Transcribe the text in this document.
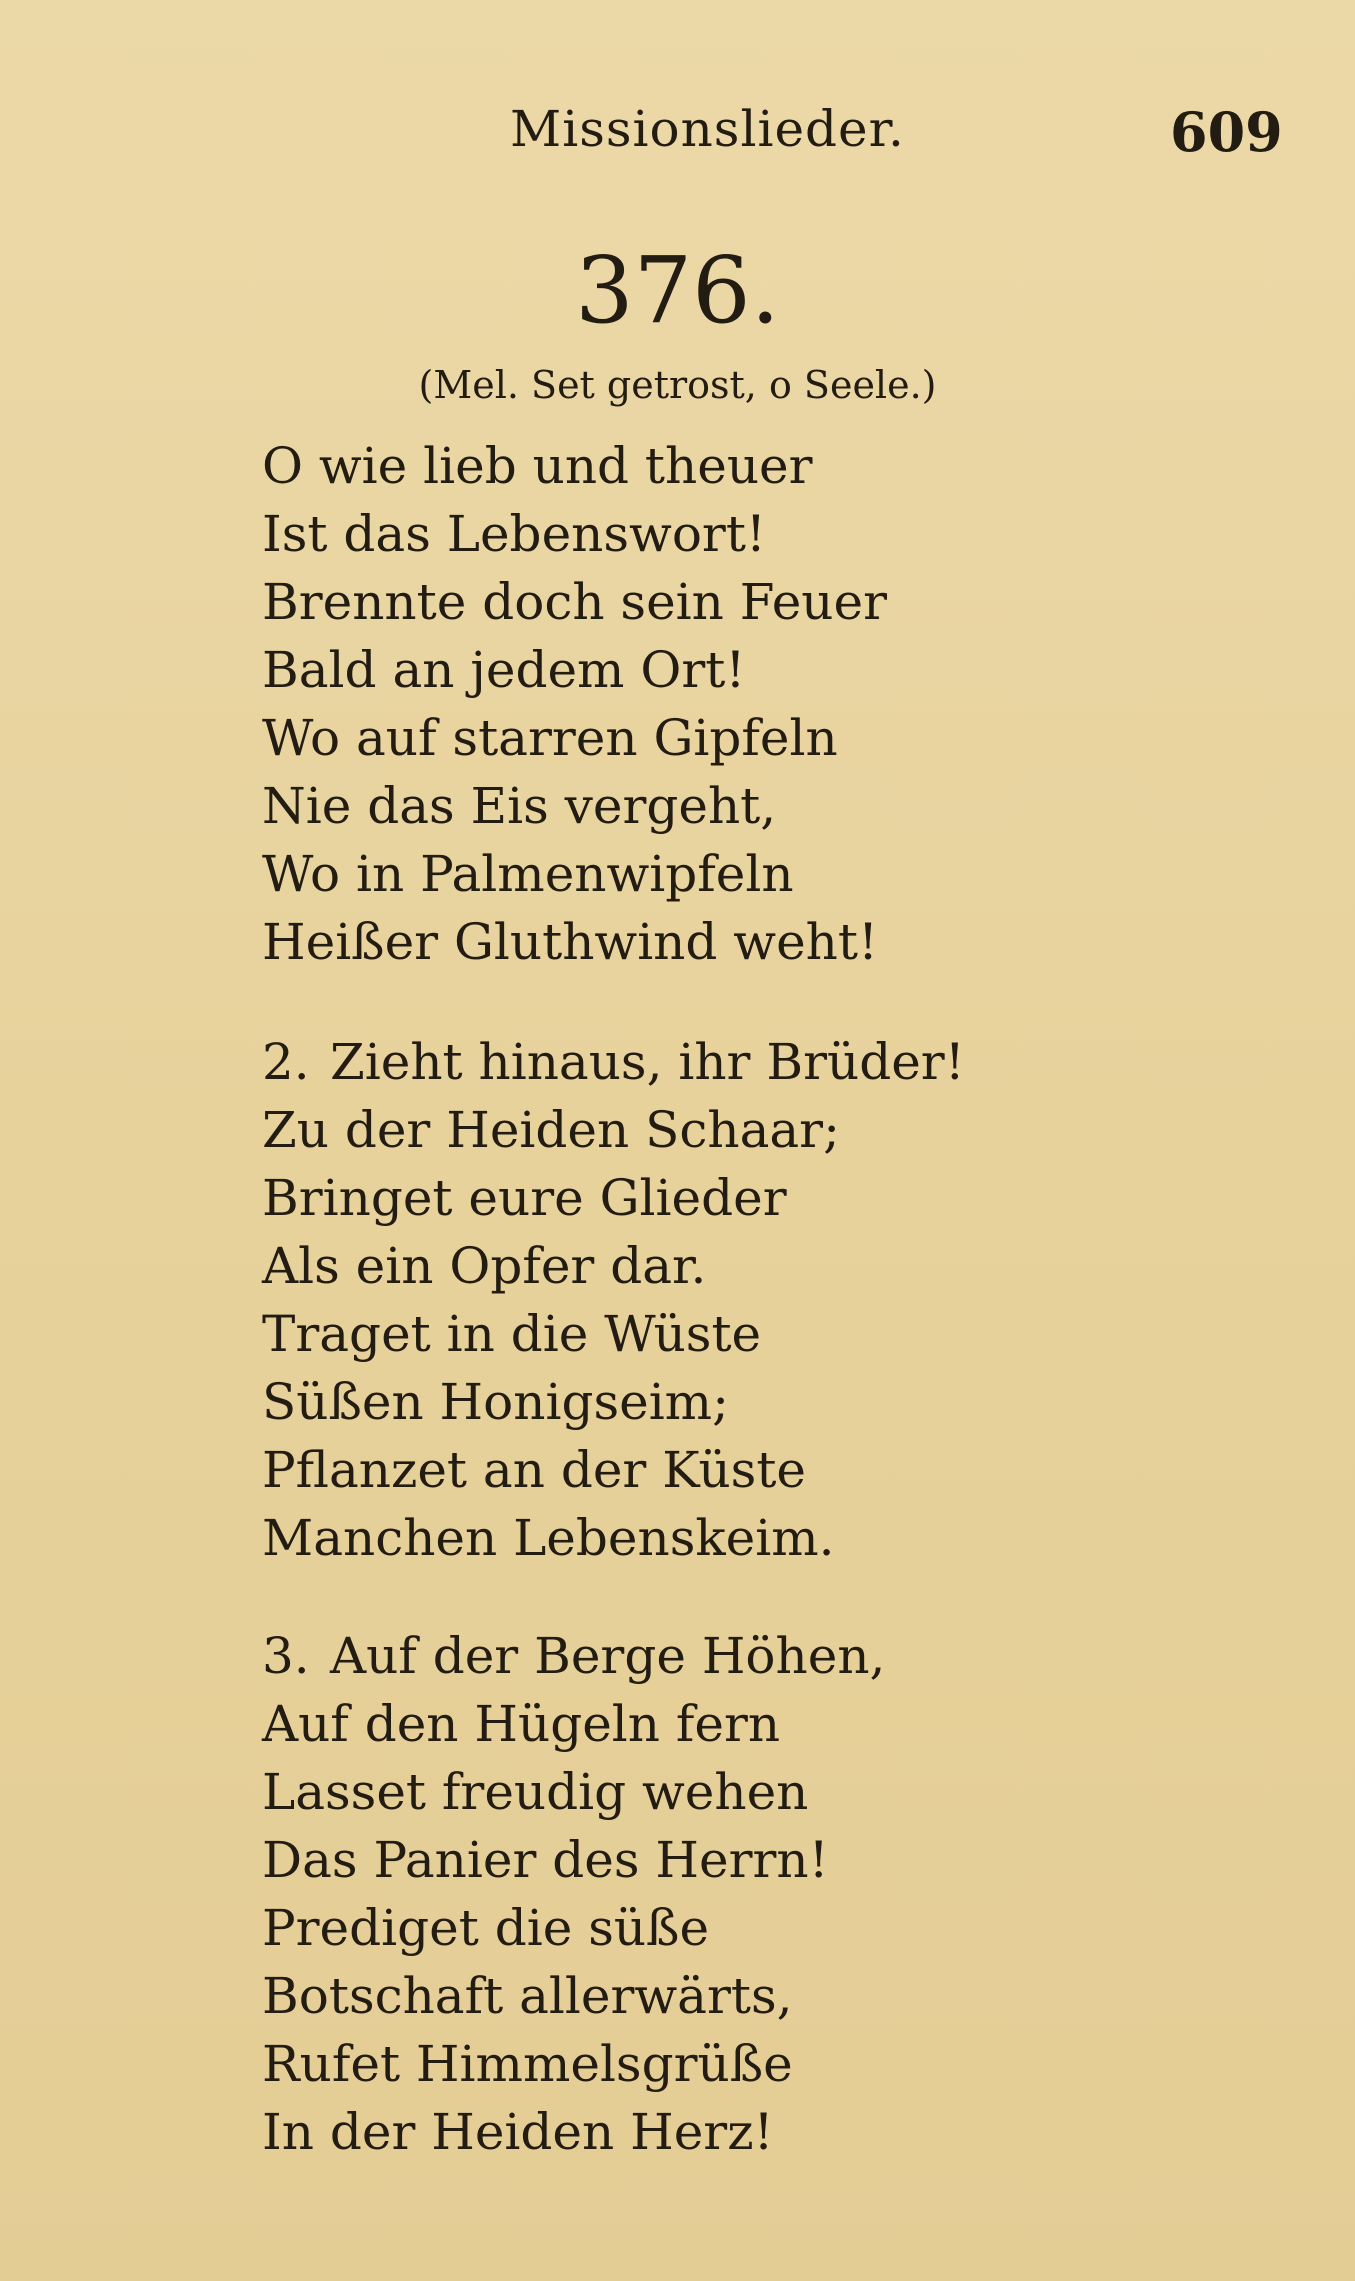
Missionslieder.	609
376.
(Mel. Set getrost, o Seele.)
O wie lieb und theuer
Ist das Lebenswort!
Brennte doch sein Feuer
Bald an jedem Ort!
Wo auf starren Gipfeln
Nie das Eis vergeht,
Wo in Palmenwipfeln
Heißer Gluthwind weht!
2. Zieht hinaus, ihr Brüder!
Zu der Heiden Schaar;
Bringet eure Glieder
Als ein Opfer dar.
Traget in die Wüste
Süßen Honigseim;
Pflanzet an der Küste
Manchen Lebenskeim.
3. Auf der Berge Höhen,
Auf den Hügeln fern
Lasset freudig wehen
Das Panier des Herrn!
Prediget die süße
Botschaft allerwärts,
Rufet Himmelsgrüße
In der Heiden Herz!
